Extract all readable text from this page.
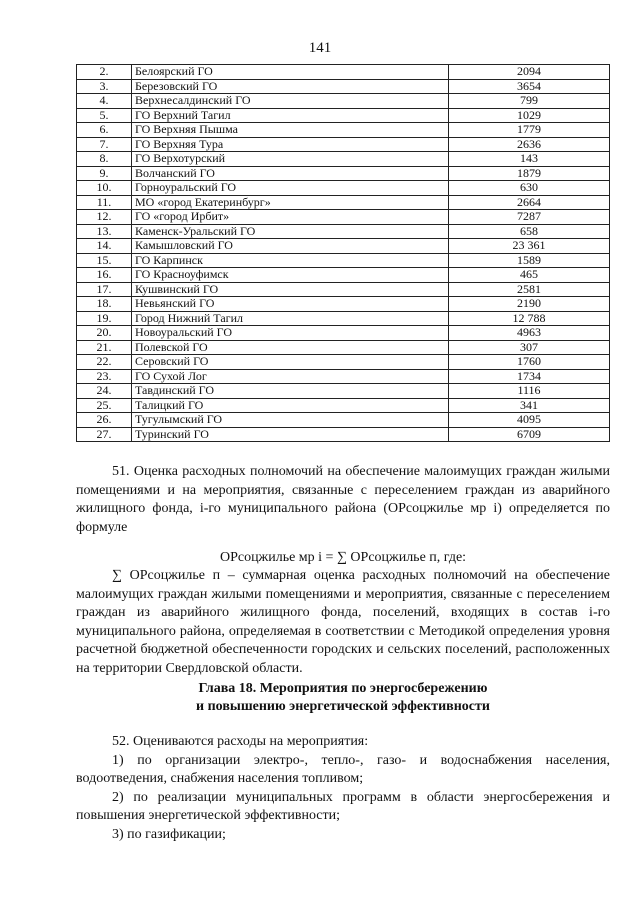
141
2.	Белоярский ГО	2094
3.	Березовский ГО	3654
4.	Верхнесалдинский ГО	799
5.	ГО Верхний Тагил	1029
6.	ГО Верхняя Пышма	1779
7.	ГО Верхняя Тура	2636
8.	ГО Верхотурский	143
9.	Волчанский ГО	1879
10.	Горноуральский ГО	630
11.	МО «город Екатеринбург»	2664
12.	ГО «город Ирбит»	7287
13.	Каменск-Уральский ГО	658
14.	Камышловский ГО	23 361
15.	ГО Карпинск	1589
16.	ГО Красноуфимск	465
17.	Кушвинский ГО	2581
18.	Невьянский ГО	2190
19.	Город Нижний Тагил	12 788
20.	Новоуральский ГО	4963
21.	Полевской ГО	307
22.	Серовский ГО	1760
23.	ГО Сухой Лог	1734
24.	Тавдинский ГО	1116
25.	Талицкий ГО	341
26.	Тугулымский ГО	4095
27.	Туринский ГО	6709

51. Оценка расходных полномочий на обеспечение малоимущих граждан жилыми помещениями и на мероприятия, связанные с переселением граждан из аварийного жилищного фонда, i-го муниципального района (ОРсоцжилье мр i) определяется по формуле

ОРсоцжилье мр i = ∑ ОРсоцжилье п, где:

∑ ОРсоцжилье п – суммарная оценка расходных полномочий на обеспечение малоимущих граждан жилыми помещениями и мероприятия, связанные с переселением граждан из аварийного жилищного фонда, поселений, входящих в состав i-го муниципального района, определяемая в соответствии с Методикой определения уровня расчетной бюджетной обеспеченности городских и сельских поселений, расположенных на территории Свердловской области.

Глава 18. Мероприятия по энергосбережению
и повышению энергетической эффективности

52. Оцениваются расходы на мероприятия:

1) по организации электро-, тепло-, газо- и водоснабжения населения, водоотведения, снабжения населения топливом;

2) по реализации муниципальных программ в области энергосбережения и повышения энергетической эффективности;

3) по газификации;
